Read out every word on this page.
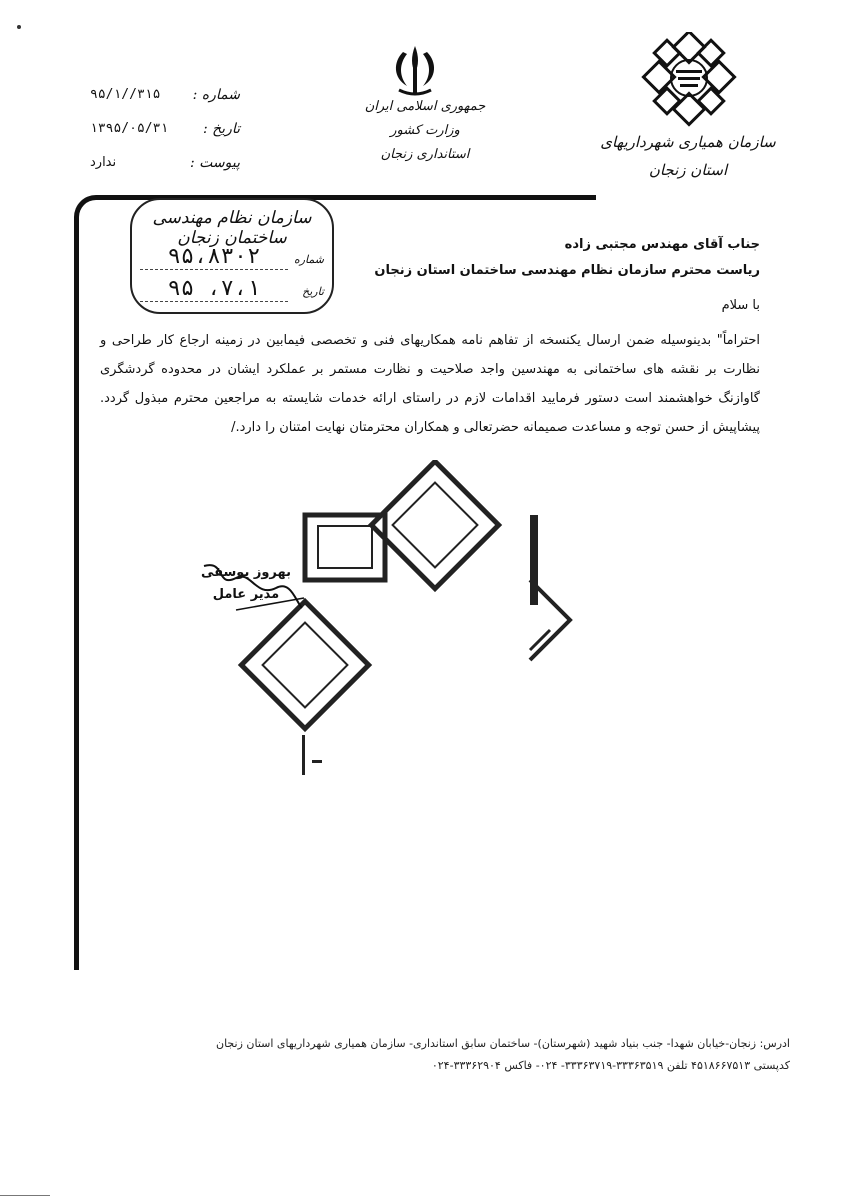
شماره :
۹۵/۱//۳۱۵
تاریخ :
۱۳۹۵/۰۵/۳۱
پیوست :
ندارد
جمهوری اسلامی ایران
وزارت کشور
استانداری زنجان
سازمان همیاری شهرداریهای
استان زنجان
سازمان نظام مهندسی ساختمان زنجان
شماره
۹۵،۸۳۰۲
تاریخ
۹۵ ،۷،۱
جناب آقای مهندس مجتبی زاده
ریاست محترم سازمان نظام مهندسی ساختمان استان زنجان
با سلام
احتراماً" بدینوسیله ضمن ارسال یکنسخه از تفاهم نامه همکاریهای فنی و تخصصی فیمابین در زمینه ارجاع کار طراحی و نظارت بر نقشه های ساختمانی به مهندسین واجد صلاحیت و نظارت مستمر بر عملکرد ایشان در محدوده گردشگری گاوازنگ خواهشمند است دستور فرمایید اقدامات لازم در راستای ارائه خدمات شایسته به مراجعین محترم مبذول گردد. پیشاپیش از حسن توجه و مساعدت صمیمانه حضرتعالی و همکاران محترمتان نهایت امتنان را دارد./
بهروز یوسفی
مدیر عامل
ادرس: زنجان-خیابان شهدا- جنب بنیاد شهید (شهرستان)- ساختمان سابق استانداری- سازمان همیاری شهرداریهای استان زنجان
کدپستی ۴۵۱۸۶۶۷۵۱۳ تلفن ۳۳۳۶۳۵۱۹-۳۳۳۶۳۷۱۹- ۰۲۴- فاکس ۳۳۳۶۲۹۰۴-۰۲۴
